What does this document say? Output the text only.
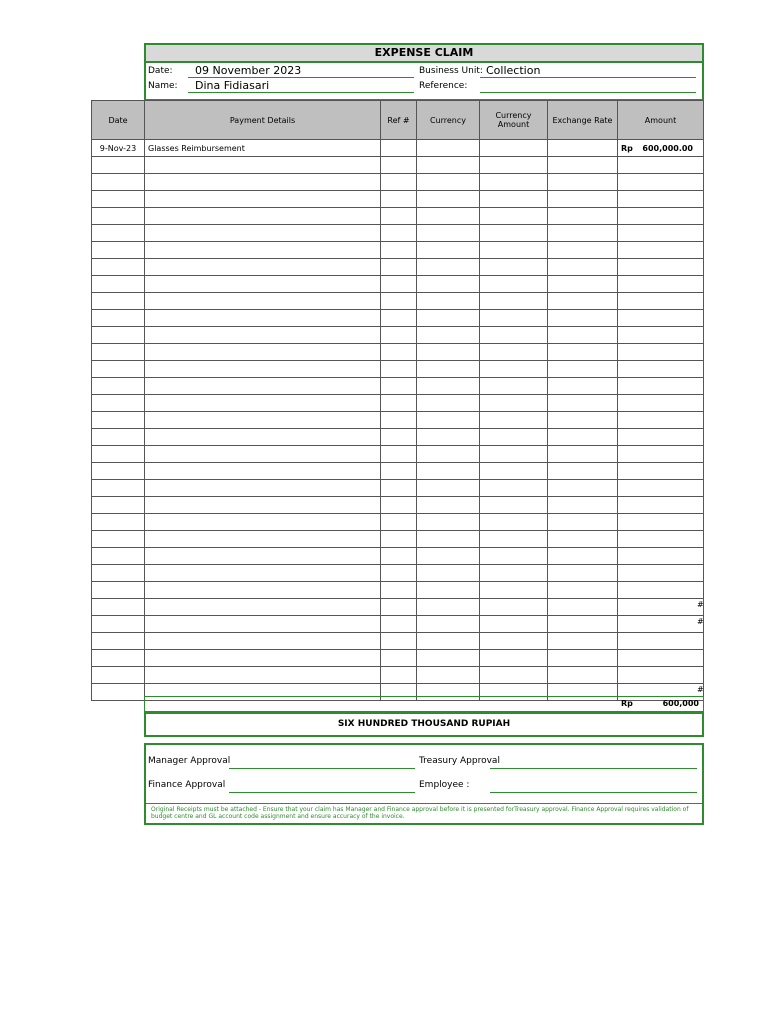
EXPENSE CLAIM
Date: 09 November 2023
Name: Dina Fidiasari
Business Unit: Collection
Reference:
Date	Payment Details	Ref #	Currency	Currency Amount	Exchange Rate	Amount
9-Nov-23	Glasses Reimbursement					Rp 600,000.00

#
#
#
Rp	600,000
SIX HUNDRED THOUSAND RUPIAH
Manager Approval	Treasury Approval
Finance Approval	Employee :
Original Receipts must be attached - Ensure that your claim has Manager and Finance approval before it is presented forTreasury approval. Finance Approval requires validation of budget centre and GL account code assignment and ensure accuracy of the invoice.
